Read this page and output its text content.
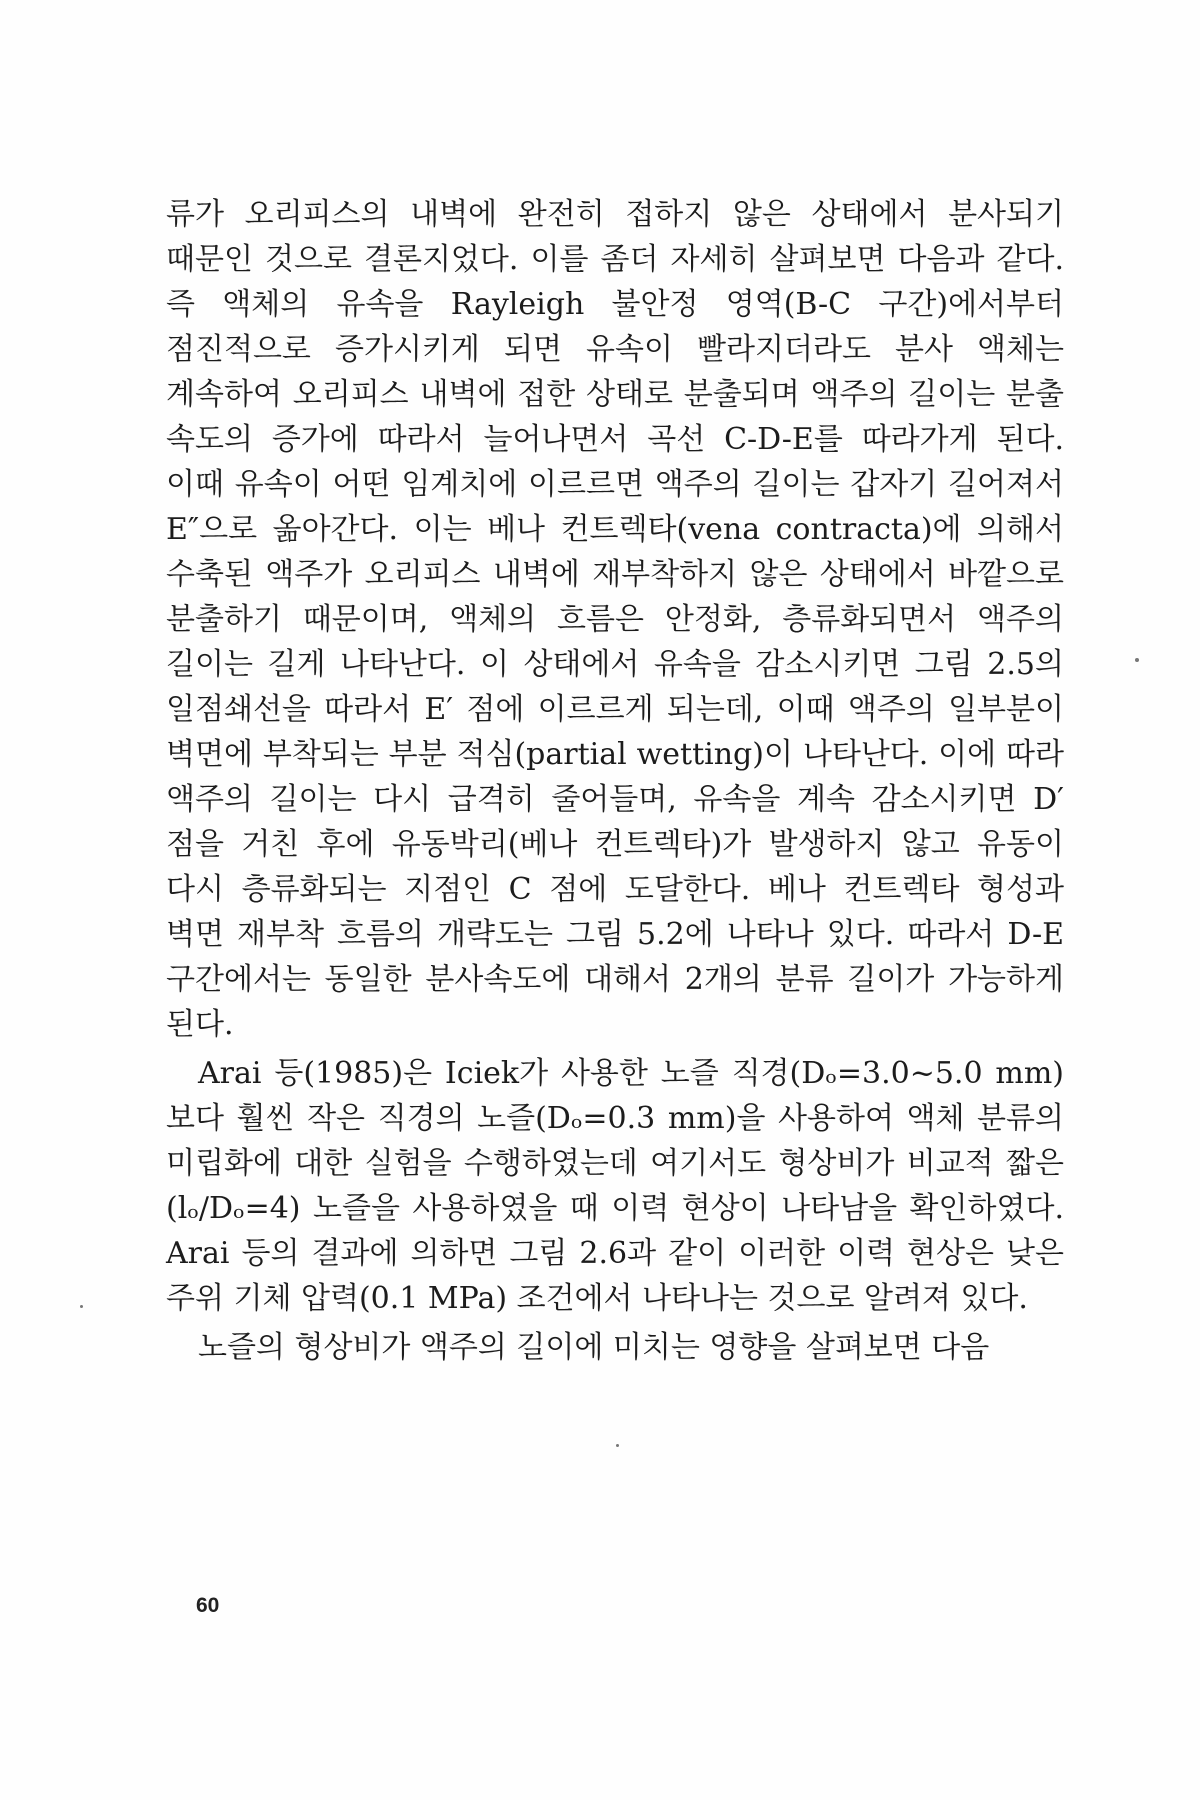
류가 오리피스의 내벽에 완전히 접하지 않은 상태에서 분사되기 때문인 것으로 결론지었다. 이를 좀더 자세히 살펴보면 다음과 같다. 즉 액체의 유속을 Rayleigh 불안정 영역(B-C 구간)에서부터 점진적으로 증가시키게 되면 유속이 빨라지더라도 분사 액체는 계속하여 오리피스 내벽에 접한 상태로 분출되며 액주의 길이는 분출 속도의 증가에 따라서 늘어나면서 곡선 C-D-E를 따라가게 된다. 이때 유속이 어떤 임계치에 이르르면 액주의 길이는 갑자기 길어져서 E″으로 옮아간다. 이는 베나 컨트렉타(vena contracta)에 의해서 수축된 액주가 오리피스 내벽에 재부착하지 않은 상태에서 바깥으로 분출하기 때문이며, 액체의 흐름은 안정화, 층류화되면서 액주의 길이는 길게 나타난다. 이 상태에서 유속을 감소시키면 그림 2.5의 일점쇄선을 따라서 E′ 점에 이르르게 되는데, 이때 액주의 일부분이 벽면에 부착되는 부분 적심(partial wetting)이 나타난다. 이에 따라 액주의 길이는 다시 급격히 줄어들며, 유속을 계속 감소시키면 D′ 점을 거친 후에 유동박리(베나 컨트렉타)가 발생하지 않고 유동이 다시 층류화되는 지점인 C 점에 도달한다. 베나 컨트렉타 형성과 벽면 재부착 흐름의 개략도는 그림 5.2에 나타나 있다. 따라서 D-E 구간에서는 동일한 분사속도에 대해서 2개의 분류 길이가 가능하게 된다.

Arai 등(1985)은 Iciek가 사용한 노즐 직경(Dₒ=3.0~5.0 mm)보다 훨씬 작은 직경의 노즐(Dₒ=0.3 mm)을 사용하여 액체 분류의 미립화에 대한 실험을 수행하였는데 여기서도 형상비가 비교적 짧은 (lₒ/Dₒ=4) 노즐을 사용하였을 때 이력 현상이 나타남을 확인하였다. Arai 등의 결과에 의하면 그림 2.6과 같이 이러한 이력 현상은 낮은 주위 기체 압력(0.1 MPa) 조건에서 나타나는 것으로 알려져 있다.

노즐의 형상비가 액주의 길이에 미치는 영향을 살펴보면 다음

60
